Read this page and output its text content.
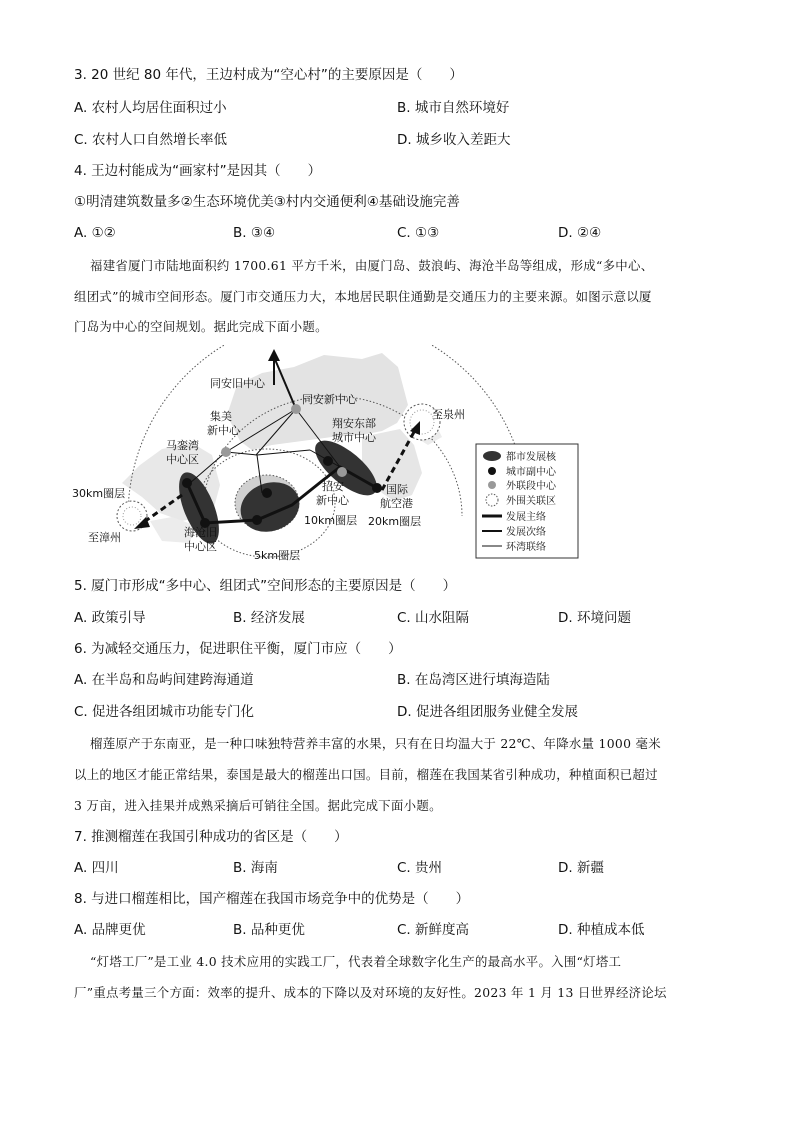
3. 20 世纪 80 年代，王边村成为“空心村”的主要原因是（　　）
A. 农村人均居住面积过小	B. 城市自然环境好
C. 农村人口自然增长率低	D. 城乡收入差距大
4. 王边村能成为“画家村”是因其（　　）
①明清建筑数量多②生态环境优美③村内交通便利④基础设施完善
A. ①②	B. ③④	C. ①③	D. ②④
福建省厦门市陆地面积约 1700.61 平方千米，由厦门岛、鼓浪屿、海沧半岛等组成，形成“多中心、
组团式”的城市空间形态。厦门市交通压力大，本地居民职住通勤是交通压力的主要来源。如图示意以厦
门岛为中心的空间规划。据此完成下面小题。
同安旧中心
同安新中心
集美
新中心
马銮湾
中心区
翔安东部
城市中心
招安
新中心
国际
航空港
海沧旧
中心区
至泉州
至漳州
30km圈层
20km圈层
10km圈层
5km圈层
都市发展核
城市副中心
外联段中心
外围关联区
发展主络
发展次络
环湾联络
5. 厦门市形成“多中心、组团式”空间形态的主要原因是（　　）
A. 政策引导	B. 经济发展	C. 山水阻隔	D. 环境问题
6. 为减轻交通压力，促进职住平衡，厦门市应（　　）
A. 在半岛和岛屿间建跨海通道	B. 在岛湾区进行填海造陆
C. 促进各组团城市功能专门化	D. 促进各组团服务业健全发展
榴莲原产于东南亚，是一种口味独特营养丰富的水果，只有在日均温大于 22℃、年降水量 1000 毫米
以上的地区才能正常结果，泰国是最大的榴莲出口国。目前，榴莲在我国某省引种成功，种植面积已超过
3 万亩，进入挂果并成熟采摘后可销往全国。据此完成下面小题。
7. 推测榴莲在我国引种成功的省区是（　　）
A. 四川	B. 海南	C. 贵州	D. 新疆
8. 与进口榴莲相比，国产榴莲在我国市场竞争中的优势是（　　）
A. 品牌更优	B. 品种更优	C. 新鲜度高	D. 种植成本低
“灯塔工厂”是工业 4.0 技术应用的实践工厂，代表着全球数字化生产的最高水平。入围“灯塔工
厂”重点考量三个方面：效率的提升、成本的下降以及对环境的友好性。2023 年 1 月 13 日世界经济论坛
